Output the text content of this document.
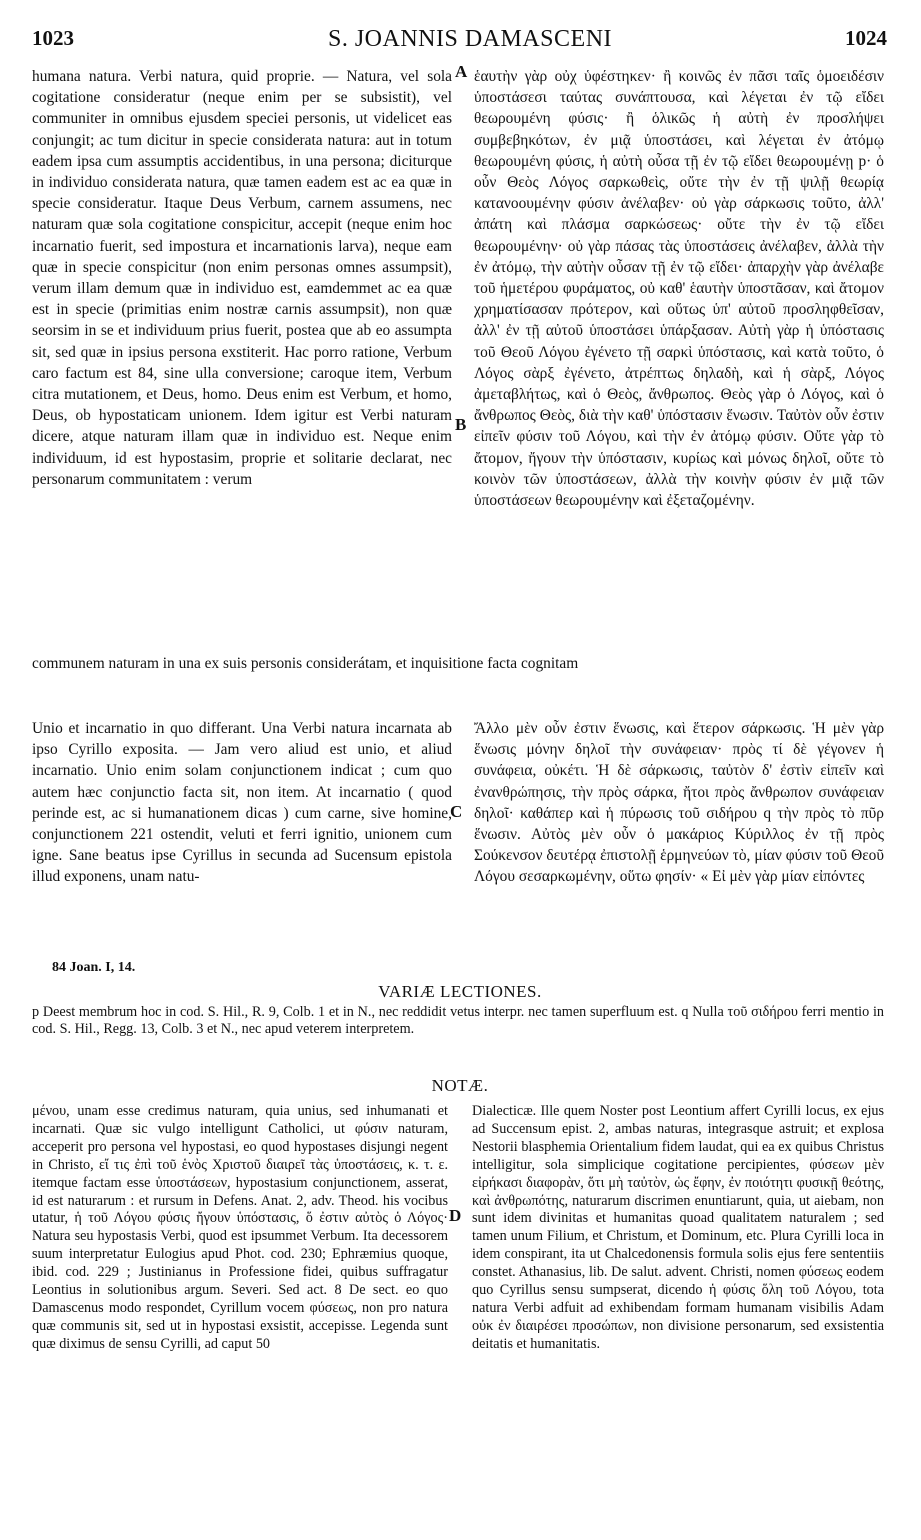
1023	S. JOANNIS DAMASCENI	1024
A
B
C
D

humana natura. Verbi natura, quid proprie. — Natura, vel sola cogitatione consideratur (neque enim per se subsistit), vel communiter in omnibus ejusdem speciei personis, ut videlicet eas conjungit; ac tum dicitur in specie considerata natura: aut in totum eadem ipsa cum assumptis accidentibus, in una persona; diciturque in individuo considerata natura, quæ tamen eadem est ac ea quæ in specie consideratur. Itaque Deus Verbum, carnem assumens, nec naturam quæ sola cogitatione conspicitur, accepit (neque enim hoc incarnatio fuerit, sed impostura et incarnationis larva), neque eam quæ in specie conspicitur (non enim personas omnes assumpsit), verum illam demum quæ in individuo est, eamdemmet ac ea quæ est in specie (primitias enim nostræ carnis assumpsit), non quæ seorsim in se et individuum prius fuerit, postea que ab eo assumpta sit, sed quæ in ipsius persona exstiterit. Hac porro ratione, Verbum caro factum est 84, sine ulla conversione; caroque item, Verbum citra mutationem, et Deus, homo. Deus enim est Verbum, et homo, Deus, ob hypostaticam unionem. Idem igitur est Verbi naturam dicere, atque naturam illam quæ in individuo est. Neque enim individuum, id est hypostasim, proprie et solitarie declarat, nec personarum communitatem : verum

ἑαυτὴν γὰρ οὐχ ὑφέστηκεν· ἢ κοινῶς ἐν πᾶσι ταῖς ὁμοειδέσιν ὑποστάσεσι ταύτας συνάπτουσα, καὶ λέγεται ἐν τῷ εἴδει θεωρουμένη φύσις· ἢ ὁλικῶς ἡ αὐτὴ ἐν προσλήψει συμβεβηκότων, ἐν μιᾷ ὑποστάσει, καὶ λέγεται ἐν ἀτόμῳ θεωρουμένη φύσις, ἡ αὐτὴ οὖσα τῇ ἐν τῷ εἴδει θεωρουμένῃ p· ὁ οὖν Θεὸς Λόγος σαρκωθεὶς, οὔτε τὴν ἐν τῇ ψιλῇ θεωρίᾳ κατανοουμένην φύσιν ἀνέλαβεν· οὐ γὰρ σάρκωσις τοῦτο, ἀλλ' ἀπάτη καὶ πλάσμα σαρκώσεως· οὔτε τὴν ἐν τῷ εἴδει θεωρουμένην· οὐ γὰρ πάσας τὰς ὑποστάσεις ἀνέλαβεν, ἀλλὰ τὴν ἐν ἀτόμῳ, τὴν αὐτὴν οὖσαν τῇ ἐν τῷ εἴδει· ἀπαρχὴν γὰρ ἀνέλαβε τοῦ ἡμετέρου φυράματος, οὐ καθ' ἑαυτὴν ὑποστᾶσαν, καὶ ἄτομον χρηματίσασαν πρότερον, καὶ οὕτως ὑπ' αὐτοῦ προσληφθεῖσαν, ἀλλ' ἐν τῇ αὐτοῦ ὑποστάσει ὑπάρξασαν. Αὐτὴ γὰρ ἡ ὑπόστασις τοῦ Θεοῦ Λόγου ἐγένετο τῇ σαρκὶ ὑπόστασις, καὶ κατὰ τοῦτο, ὁ Λόγος σὰρξ ἐγένετο, ἀτρέπτως δηλαδὴ, καὶ ἡ σὰρξ, Λόγος ἀμεταβλήτως, καὶ ὁ Θεὸς, ἄνθρωπος. Θεὸς γὰρ ὁ Λόγος, καὶ ὁ ἄνθρωπος Θεὸς, διὰ τὴν καθ' ὑπόστασιν ἕνωσιν. Ταὐτὸν οὖν ἐστιν εἰπεῖν φύσιν τοῦ Λόγου, καὶ τὴν ἐν ἀτόμῳ φύσιν. Οὔτε γὰρ τὸ ἄτομον, ἤγουν τὴν ὑπόστασιν, κυρίως καὶ μόνως δηλοῖ, οὔτε τὸ κοινὸν τῶν ὑποστάσεων, ἀλλὰ τὴν κοινὴν φύσιν ἐν μιᾷ τῶν ὑποστάσεων θεωρουμένην καὶ ἐξεταζομένην.

communem naturam in una ex suis personis considerátam, et inquisitione facta cognitam

Unio et incarnatio in quo differant. Una Verbi natura incarnata ab ipso Cyrillo exposita. — Jam vero aliud est unio, et aliud incarnatio. Unio enim solam conjunctionem indicat ; cum quo autem hæc conjunctio facta sit, non item. At incarnatio ( quod perinde est, ac si humanationem dicas ) cum carne, sive homine, conjunctionem 221 ostendit, veluti et ferri ignitio, unionem cum igne. Sane beatus ipse Cyrillus in secunda ad Sucensum epistola illud exponens, unam natu-

Ἄλλο μὲν οὖν ἐστιν ἕνωσις, καὶ ἕτερον σάρκωσις. Ἡ μὲν γὰρ ἕνωσις μόνην δηλοῖ τὴν συνάφειαν· πρὸς τί δὲ γέγονεν ἡ συνάφεια, οὐκέτι. Ἡ δὲ σάρκωσις, ταὐτὸν δ' ἐστὶν εἰπεῖν καὶ ἐνανθρώπησις, τὴν πρὸς σάρκα, ἤτοι πρὸς ἄνθρωπον συνάφειαν δηλοῖ· καθάπερ καὶ ἡ πύρωσις τοῦ σιδήρου q τὴν πρὸς τὸ πῦρ ἕνωσιν. Αὐτὸς μὲν οὖν ὁ μακάριος Κύριλλος ἐν τῇ πρὸς Σούκενσον δευτέρᾳ ἐπιστολῇ ἑρμηνεύων τὸ, μίαν φύσιν τοῦ Θεοῦ Λόγου σεσαρκωμένην, οὕτω φησίν· « Εἰ μὲν γὰρ μίαν εἰπόντες

84 Joan. I, 14.
VARIÆ LECTIONES.

p Deest membrum hoc in cod. S. Hil., R. 9, Colb. 1 et in N., nec reddidit vetus interpr. nec tamen superfluum est. q Nulla τοῦ σιδήρου ferri mentio in cod. S. Hil., Regg. 13, Colb. 3 et N., nec apud veterem interpretem.

NOTÆ.

μένου, unam esse credimus naturam, quia unius, sed inhumanati et incarnati. Quæ sic vulgo intelligunt Catholici, ut φύσιν naturam, acceperit pro persona vel hypostasi, eo quod hypostases disjungi negent in Christo, εἴ τις ἐπὶ τοῦ ἑνὸς Χριστοῦ διαιρεῖ τὰς ὑποστάσεις, κ. τ. ε. itemque factam esse ὑποστάσεων, hypostasium conjunctionem, asserat, id est naturarum : et rursum in Defens. Anat. 2, adv. Theod. his vocibus utatur, ἡ τοῦ Λόγου φύσις ἤγουν ὑπόστασις, ὅ ἐστιν αὐτὸς ὁ Λόγος· Natura seu hypostasis Verbi, quod est ipsummet Verbum. Ita decessorem suum interpretatur Eulogius apud Phot. cod. 230; Ephræmius quoque, ibid. cod. 229 ; Justinianus in Professione fidei, quibus suffragatur Leontius in solutionibus argum. Severi. Sed act. 8 De sect. eo quo Damascenus modo respondet, Cyrillum vocem φύσεως, non pro natura quæ communis sit, sed ut in hypostasi exsistit, accepisse. Legenda sunt quæ diximus de sensu Cyrilli, ad caput 50

Dialecticæ. Ille quem Noster post Leontium affert Cyrilli locus, ex ejus ad Succensum epist. 2, ambas naturas, integrasque astruit; et explosa Nestorii blasphemia Orientalium fidem laudat, qui ea ex quibus Christus intelligitur, sola simplicique cogitatione percipientes, φύσεων μὲν εἰρήκασι διαφορὰν, ὅτι μὴ ταὐτὸν, ὡς ἔφην, ἐν ποιότητι φυσικῇ θεότης, καὶ ἀνθρωπότης, naturarum discrimen enuntiarunt, quia, ut aiebam, non sunt idem divinitas et humanitas quoad qualitatem naturalem ; sed tamen unum Filium, et Christum, et Dominum, etc. Plura Cyrilli loca in idem conspirant, ita ut Chalcedonensis formula solis ejus fere sententiis constet. Athanasius, lib. De salut. advent. Christi, nomen φύσεως eodem quo Cyrillus sensu sumpserat, dicendo ἡ φύσις ὅλη τοῦ Λόγου, tota natura Verbi adfuit ad exhibendam formam humanam visibilis Adam οὐκ ἐν διαιρέσει προσώπων, non divisione personarum, sed exsistentia deitatis et humanitatis.
